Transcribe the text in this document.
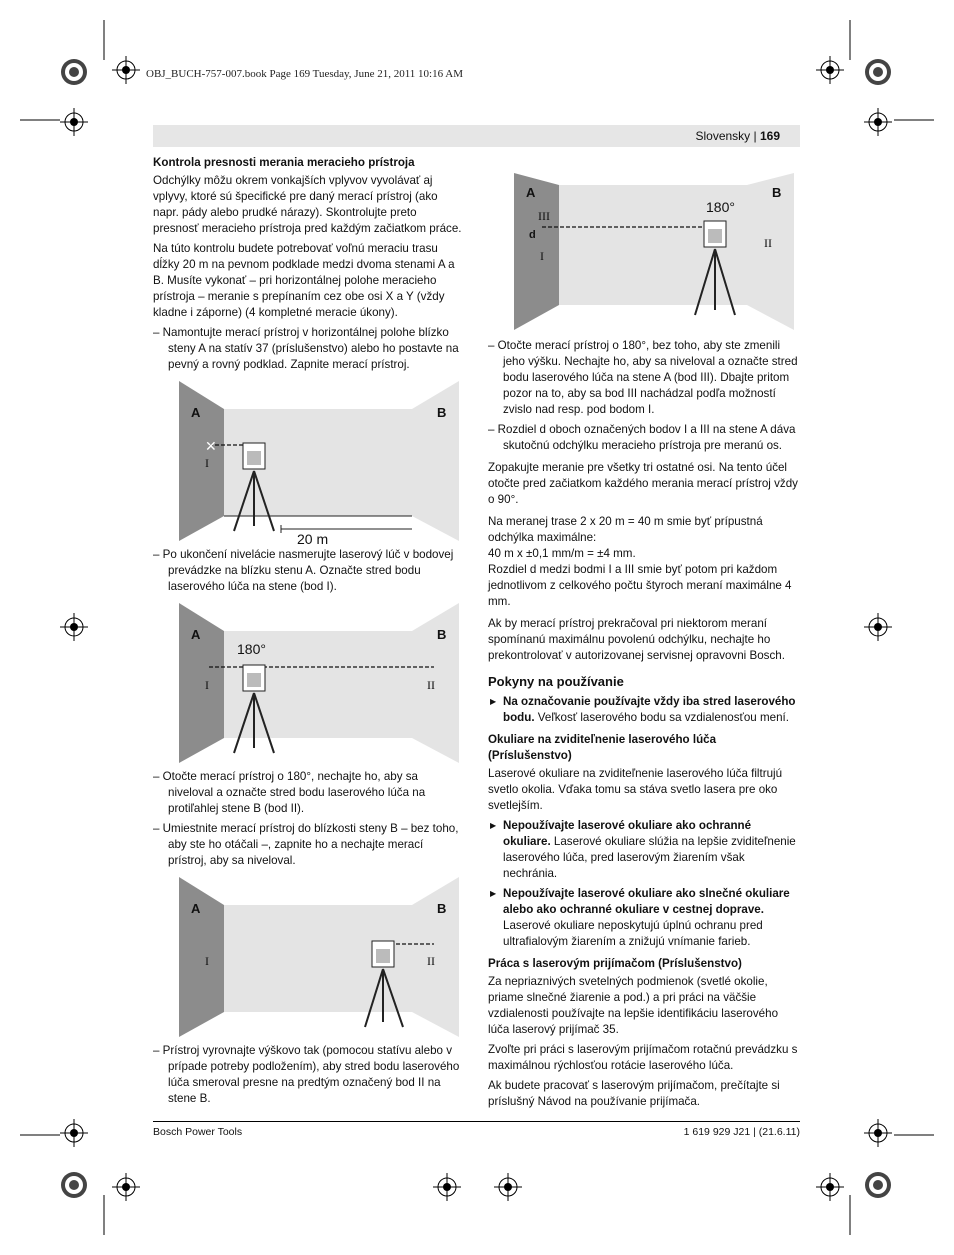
OBJ_BUCH-757-007.book Page 169 Tuesday, June 21, 2011 10:16 AM
Slovensky | 169
Kontrola presnosti merania meracieho prístroja

Odchýlky môžu okrem vonkajších vplyvov vyvolávať aj vplyvy, ktoré sú špecifické pre daný merací prístroj (ako napr. pády alebo prudké nárazy). Skontrolujte preto presnosť meracieho prístroja pred každým začiatkom práce.

Na túto kontrolu budete potrebovať voľnú meraciu trasu dĺžky 20 m na pevnom podklade medzi dvoma stenami A a B. Musíte vykonať – pri horizontálnej polohe meracieho prístroja – meranie s prepínaním cez obe osi X a Y (vždy kladne i záporne) (4 kompletné meracie úkony).

– Namontujte merací prístroj v horizontálnej polohe blízko steny A na statív 37 (príslušenstvo) alebo ho postavte na pevný a rovný podklad. Zapnite merací prístroj.

✕
A	B
I
20 m

– Po ukončení nivelácie nasmerujte laserový lúč v bodovej prevádzke na blízku stenu A. Označte stred bodu laserového lúča na stene (bod I).

A	B
180°
I	II

– Otočte merací prístroj o 180°, nechajte ho, aby sa niveloval a označte stred bodu laserového lúča na protiľahlej stene B (bod II).

– Umiestnite merací prístroj do blízkosti steny B – bez toho, aby ste ho otáčali –, zapnite ho a nechajte merací prístroj, aby sa niveloval.

A	B
I	II

– Prístroj vyrovnajte výškovo tak (pomocou statívu alebo v prípade potreby podložením), aby stred bodu laserového lúča smeroval presne na predtým označený bod II na stene B.

A	B
180°
III
d
I
II

– Otočte merací prístroj o 180°, bez toho, aby ste zmenili jeho výšku. Nechajte ho, aby sa niveloval a označte stred bodu laserového lúča na stene A (bod III). Dbajte pritom pozor na to, aby sa bod III nachádzal podľa možností zvislo nad resp. pod bodom I.

– Rozdiel d oboch označených bodov I a III na stene A dáva skutočnú odchýlku meracieho prístroja pre meranú os.

Zopakujte meranie pre všetky tri ostatné osi. Na tento účel otočte pred začiatkom každého merania merací prístroj vždy o 90°.

Na meranej trase 2 x 20 m = 40 m smie byť prípustná odchýlka maximálne:

40 m x ±0,1 mm/m = ±4 mm.

Rozdiel d medzi bodmi I a III smie byť potom pri každom jednotlivom z celkového počtu štyroch meraní maximálne 4 mm.

Ak by merací prístroj prekračoval pri niektorom meraní spomínanú maximálnu povolenú odchýlku, nechajte ho prekontrolovať v autorizovanej servisnej opravovni Bosch.

Pokyny na používanie

▶ Na označovanie používajte vždy iba stred laserového bodu. Veľkosť laserového bodu sa vzdialenosťou mení.

Okuliare na zviditeľnenie laserového lúča (Príslušenstvo)

Laserové okuliare na zviditeľnenie laserového lúča filtrujú svetlo okolia. Vďaka tomu sa stáva svetlo lasera pre oko svetlejším.

▶ Nepoužívajte laserové okuliare ako ochranné okuliare. Laserové okuliare slúžia na lepšie zviditeľnenie laserového lúča, pred laserovým žiarením však nechránia.

▶ Nepoužívajte laserové okuliare ako slnečné okuliare alebo ako ochranné okuliare v cestnej doprave. Laserové okuliare neposkytujú úplnú ochranu pred ultrafialovým žiarením a znižujú vnímanie farieb.

Práca s laserovým prijímačom (Príslušenstvo)

Za nepriaznivých svetelných podmienok (svetlé okolie, priame slnečné žiarenie a pod.) a pri práci na väčšie vzdialenosti používajte na lepšie identifikáciu laserového lúča laserový prijímač 35.

Zvoľte pri práci s laserovým prijímačom rotačnú prevádzku s maximálnou rýchlosťou rotácie laserového lúča.

Ak budete pracovať s laserovým prijímačom, prečítajte si príslušný Návod na používanie prijímača.

Bosch Power Tools	1 619 929 J21 | (21.6.11)
